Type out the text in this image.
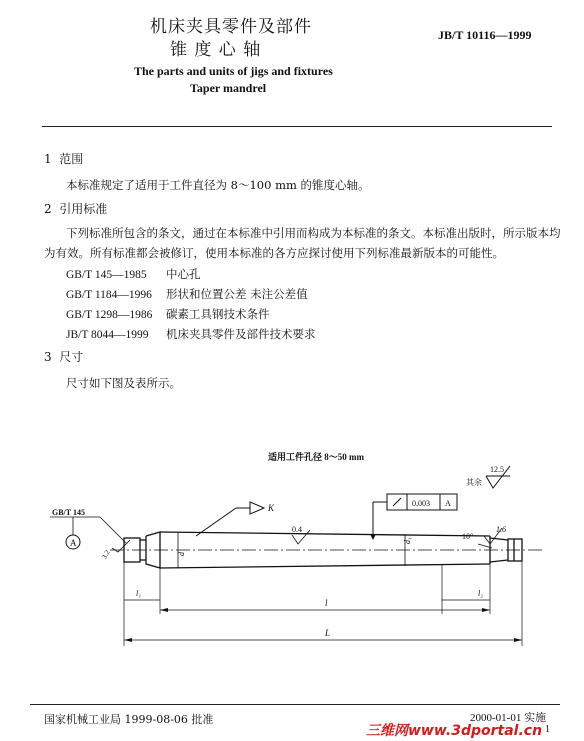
机床夹具零件及部件
锥 度 心 轴
JB/T 10116—1999
The parts and units of jigs and fixtures
Taper mandrel
1 范围
本标准规定了适用于工件直径为 8～100 mm 的锥度心轴。
2 引用标准
下列标准所包含的条文，通过在本标准中引用而构成为本标准的条文。本标准出版时，所示版本均
为有效。所有标准都会被修订，使用本标准的各方应探讨使用下列标准最新版本的可能性。
GB/T 145—1985 中心孔
GB/T 1184—1996 形状和位置公差 未注公差值
GB/T 1298—1986 碳素工具钢技术条件
JB/T 8044—1999 机床夹具零件及部件技术要求
3 尺寸
尺寸如下图及表所示。
适用工件孔径 8～50 mm
其余
12.5
GB/T 145
A
3.2
K
0.4
0.003 A
d₁
d
1.6
10°
l₁
l
l₂
L
国家机械工业局 1999-08-06 批准	2000-01-01 实施
1
三维网www.3dportal.cn
